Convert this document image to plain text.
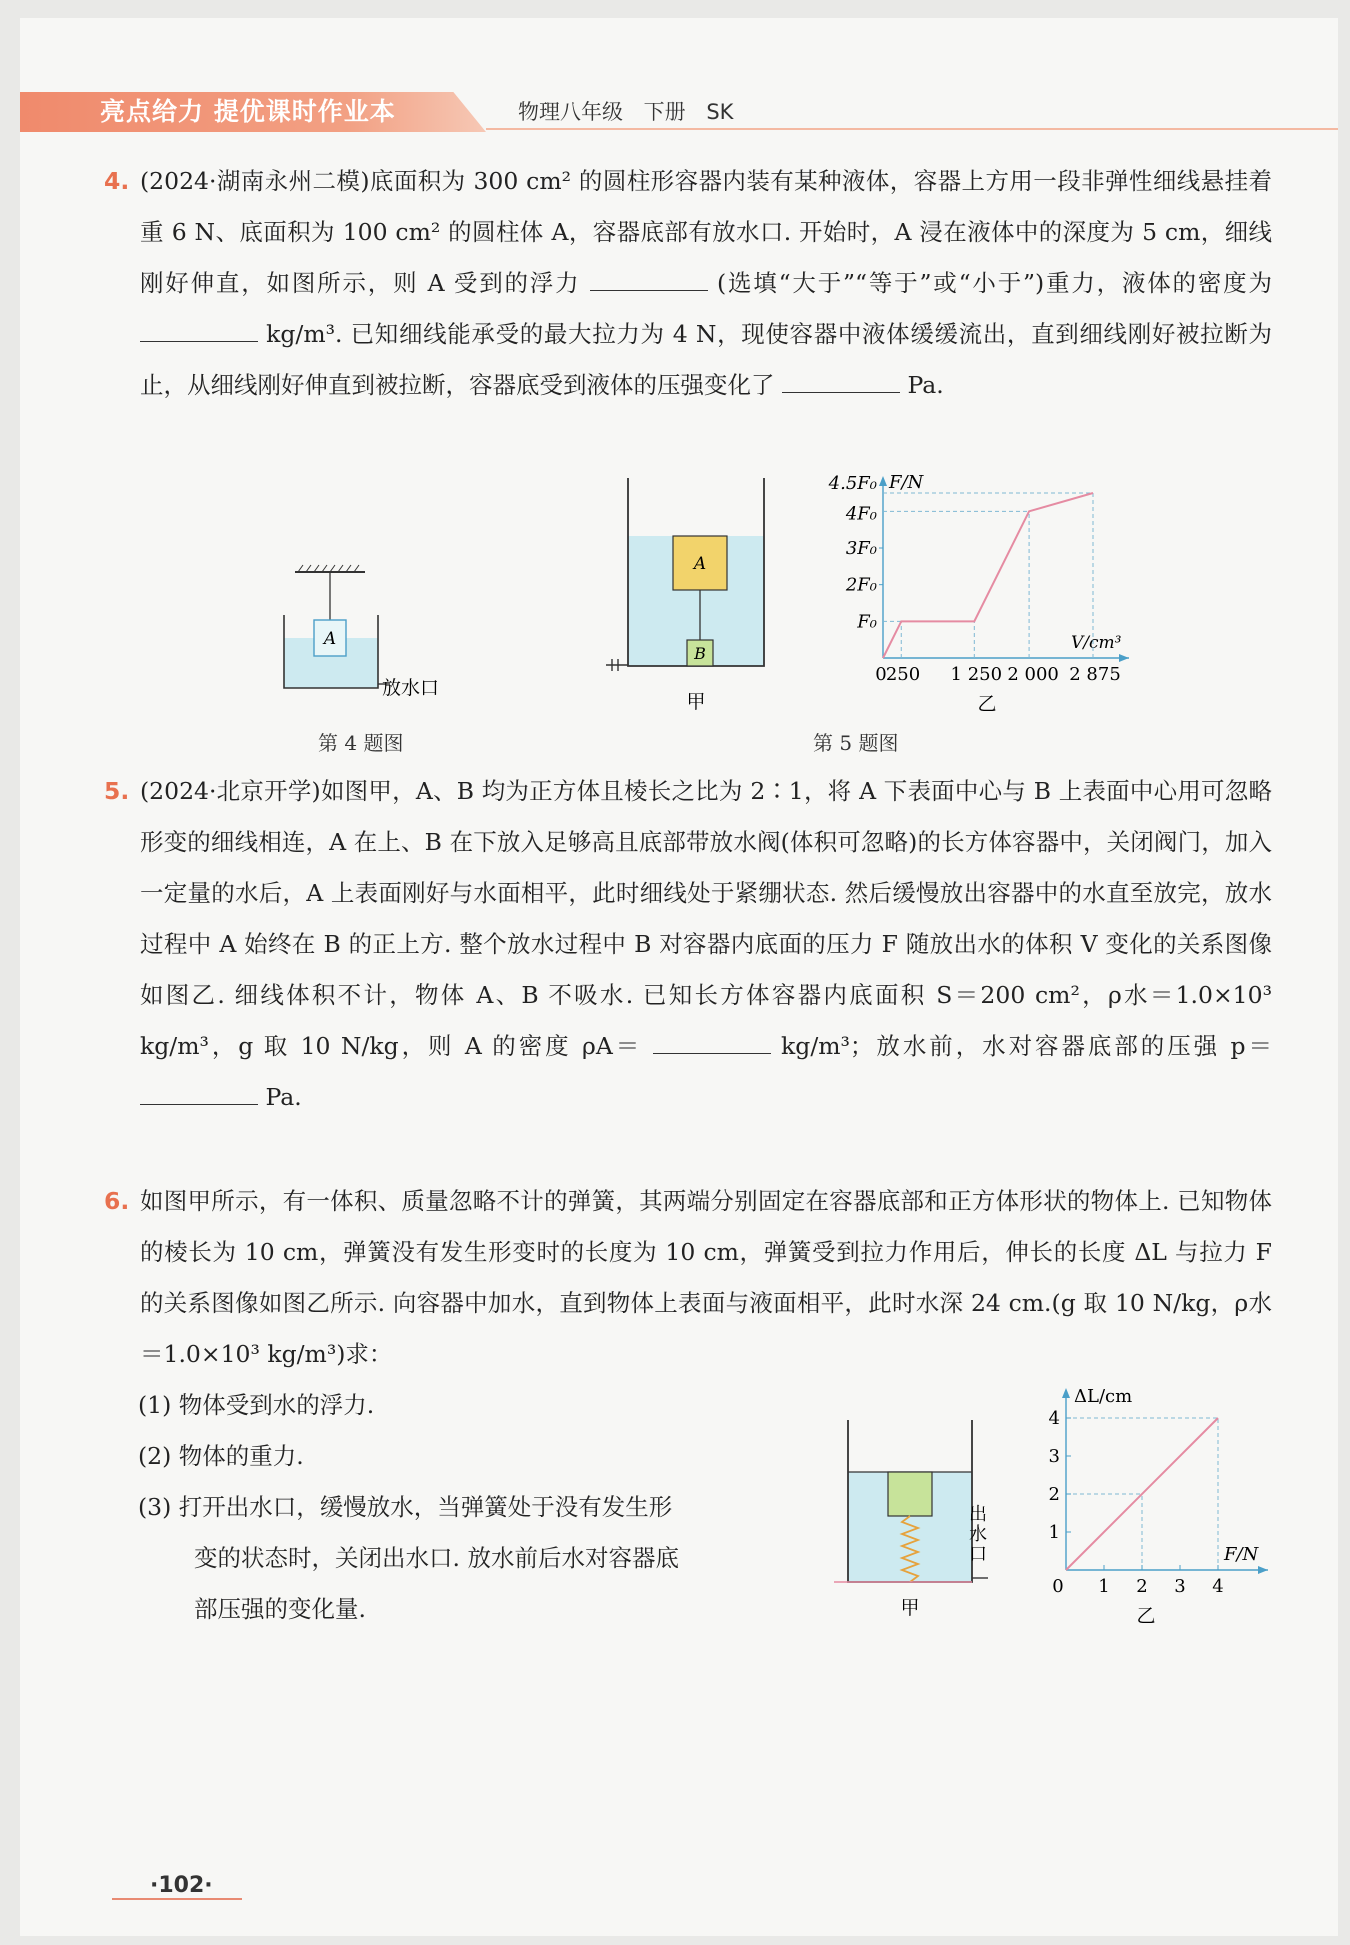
亮点给力 提优课时作业本	物理八年级 下册 SK
4. (2024·湖南永州二模)底面积为 300 cm² 的圆柱形容器内装有某种液体，容器上方用一段非弹性细线悬挂着重 6 N、底面积为 100 cm² 的圆柱体 A，容器底部有放水口. 开始时，A 浸在液体中的深度为 5 cm，细线刚好伸直，如图所示，则 A 受到的浮力	(选填“大于”“等于”或“小于”)重力，液体的密度为  kg/m³. 已知细线能承受的最大拉力为 4 N，现使容器中液体缓缓流出，直到细线刚好被拉断为止，从细线刚好伸直到被拉断，容器底受到液体的压强变化了	Pa.
A
放水口
第 4 题图
A
B
甲
F/N
V/cm³
F₀
2F₀
3F₀
4F₀
4.5F₀
0 250 1 250 2 000 2 875
乙
第 5 题图
5. (2024·北京开学)如图甲，A、B 均为正方体且棱长之比为 2∶1，将 A 下表面中心与 B 上表面中心用可忽略形变的细线相连，A 在上、B 在下放入足够高且底部带放水阀(体积可忽略)的长方体容器中，关闭阀门，加入一定量的水后，A 上表面刚好与水面相平，此时细线处于紧绷状态. 然后缓慢放出容器中的水直至放完，放水过程中 A 始终在 B 的正上方. 整个放水过程中 B 对容器内底面的压力 F 随放出水的体积 V 变化的关系图像如图乙. 细线体积不计，物体 A、B 不吸水. 已知长方体容器内底面积 S＝200 cm²，ρ水＝1.0×10³ kg/m³，g 取 10 N/kg，则 A 的密度 ρA＝	kg/m³；放水前，水对容器底部的压强 p＝  Pa.
6. 如图甲所示，有一体积、质量忽略不计的弹簧，其两端分别固定在容器底部和正方体形状的物体上. 已知物体的棱长为 10 cm，弹簧没有发生形变时的长度为 10 cm，弹簧受到拉力作用后，伸长的长度 ΔL 与拉力 F 的关系图像如图乙所示. 向容器中加水，直到物体上表面与液面相平，此时水深 24 cm.(g 取 10 N/kg，ρ水＝1.0×10³ kg/m³)求：
(1) 物体受到水的浮力.
(2) 物体的重力.
(3) 打开出水口，缓慢放水，当弹簧处于没有发生形
变的状态时，关闭出水口. 放水前后水对容器底
部压强的变化量.
出
水
口
甲
ΔL/cm
F/N
1
2
3
4
0 1 2 3 4
乙
·102·
